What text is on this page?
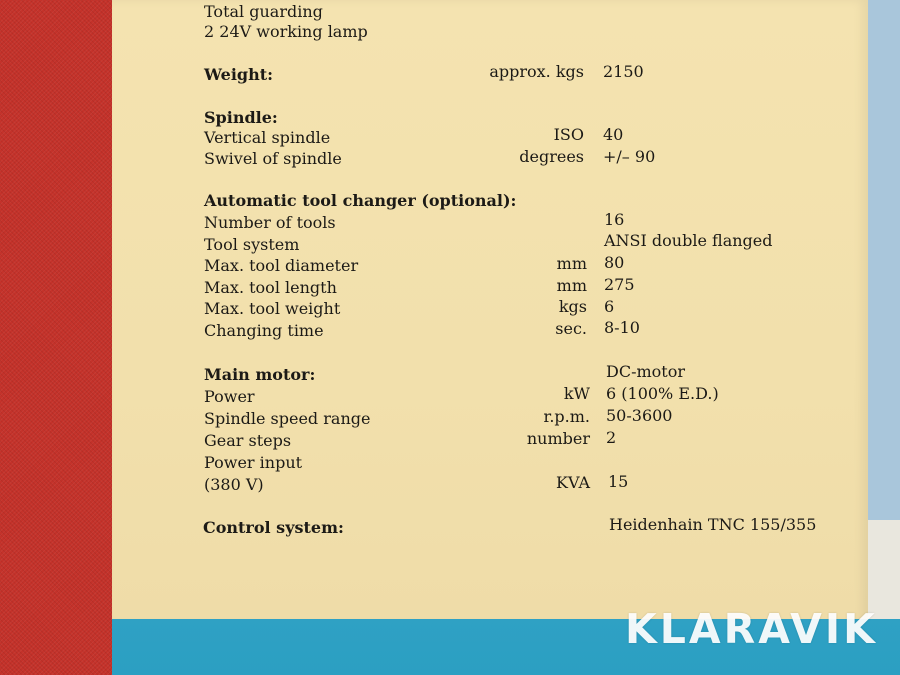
Total guarding
2 24V working lamp
Weight:	approx. kgs 2150
Spindle:
Vertical spindle	ISO 40
Swivel of spindle	degrees +/– 90
Automatic tool changer (optional):
Number of tools	16
Tool system	ANSI double flanged
Max. tool diameter	mm 80
Max. tool length	mm 275
Max. tool weight	kgs 6
Changing time	sec. 8-10
Main motor:	DC-motor
Power	kW 6 (100% E.D.)
Spindle speed range	r.p.m. 50-3600
Gear steps	number 2
Power input
(380 V)	KVA 15
Control system:	Heidenhain TNC 155/355
KLARAVIK
